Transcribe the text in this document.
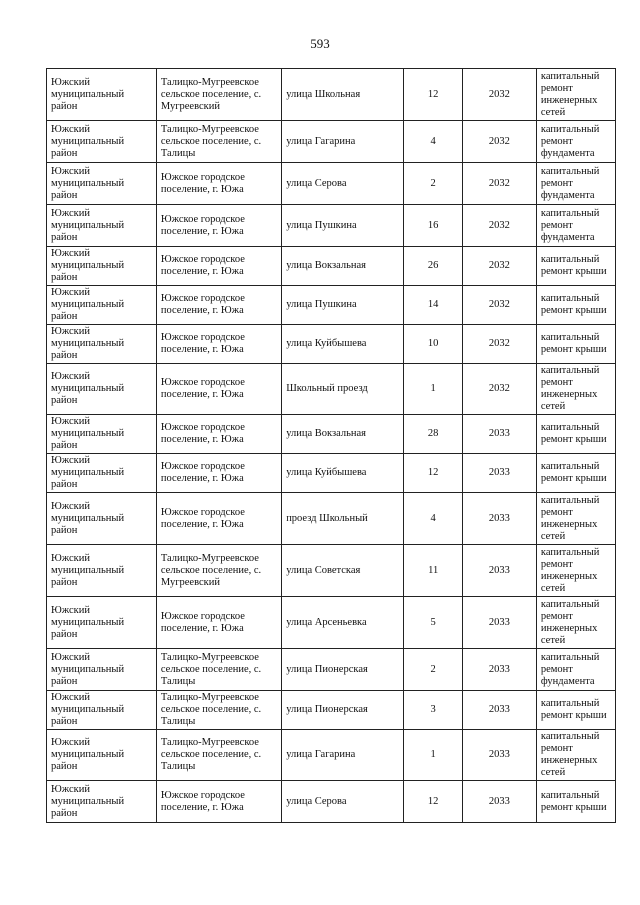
593
Южский муниципальный район	Талицко-Мугреевское сельское поселение, с. Мугреевский	улица Школьная	12	2032	капитальный ремонт инженерных сетей
Южский муниципальный район	Талицко-Мугреевское сельское поселение, с. Талицы	улица Гагарина	4	2032	капитальный ремонт фундамента
Южский муниципальный район	Южское городское поселение, г. Южа	улица Серова	2	2032	капитальный ремонт фундамента
Южский муниципальный район	Южское городское поселение, г. Южа	улица Пушкина	16	2032	капитальный ремонт фундамента
Южский муниципальный район	Южское городское поселение, г. Южа	улица Вокзальная	26	2032	капитальный ремонт крыши
Южский муниципальный район	Южское городское поселение, г. Южа	улица Пушкина	14	2032	капитальный ремонт крыши
Южский муниципальный район	Южское городское поселение, г. Южа	улица Куйбышева	10	2032	капитальный ремонт крыши
Южский муниципальный район	Южское городское поселение, г. Южа	Школьный проезд	1	2032	капитальный ремонт инженерных сетей
Южский муниципальный район	Южское городское поселение, г. Южа	улица Вокзальная	28	2033	капитальный ремонт крыши
Южский муниципальный район	Южское городское поселение, г. Южа	улица Куйбышева	12	2033	капитальный ремонт крыши
Южский муниципальный район	Южское городское поселение, г. Южа	проезд Школьный	4	2033	капитальный ремонт инженерных сетей
Южский муниципальный район	Талицко-Мугреевское сельское поселение, с. Мугреевский	улица Советская	11	2033	капитальный ремонт инженерных сетей
Южский муниципальный район	Южское городское поселение, г. Южа	улица Арсеньевка	5	2033	капитальный ремонт инженерных сетей
Южский муниципальный район	Талицко-Мугреевское сельское поселение, с. Талицы	улица Пионерская	2	2033	капитальный ремонт фундамента
Южский муниципальный район	Талицко-Мугреевское сельское поселение, с. Талицы	улица Пионерская	3	2033	капитальный ремонт крыши
Южский муниципальный район	Талицко-Мугреевское сельское поселение, с. Талицы	улица Гагарина	1	2033	капитальный ремонт инженерных сетей
Южский муниципальный район	Южское городское поселение, г. Южа	улица Серова	12	2033	капитальный ремонт крыши
